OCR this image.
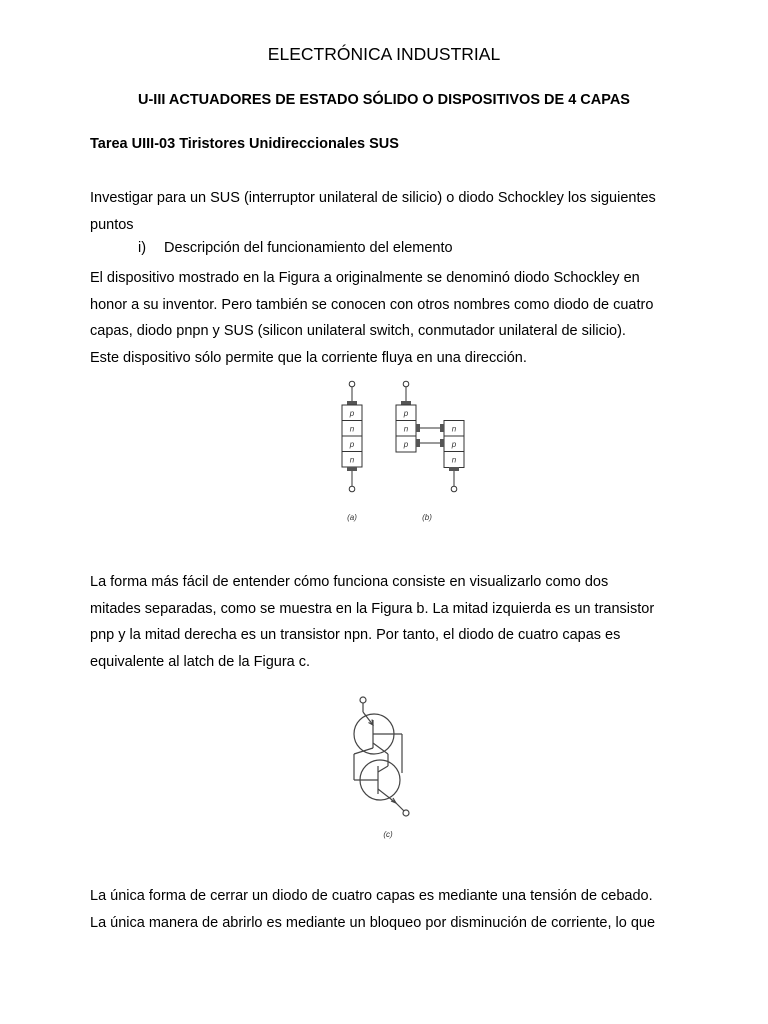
ELECTRÓNICA INDUSTRIAL
U-III ACTUADORES DE ESTADO SÓLIDO O DISPOSITIVOS DE 4 CAPAS
Tarea UIII-03 Tiristores Unidireccionales SUS
Investigar para un SUS (interruptor unilateral de silicio) o diodo Schockley los siguientes
puntos
i) Descripción del funcionamiento del elemento
El dispositivo mostrado en la Figura a originalmente se denominó diodo Schockley en
honor a su inventor. Pero también se conocen con otros nombres como diodo de cuatro
capas, diodo pnpn y SUS (silicon unilateral switch, conmutador unilateral de silicio).
Este dispositivo sólo permite que la corriente fluya en una dirección.
p
n
p
n
p
n
p
n
p
n
(a)	(b)
La forma más fácil de entender cómo funciona consiste en visualizarlo como dos
mitades separadas, como se muestra en la Figura b. La mitad izquierda es un transistor
pnp y la mitad derecha es un transistor npn. Por tanto, el diodo de cuatro capas es
equivalente al latch de la Figura c.
(c)
La única forma de cerrar un diodo de cuatro capas es mediante una tensión de cebado.
La única manera de abrirlo es mediante un bloqueo por disminución de corriente, lo que
